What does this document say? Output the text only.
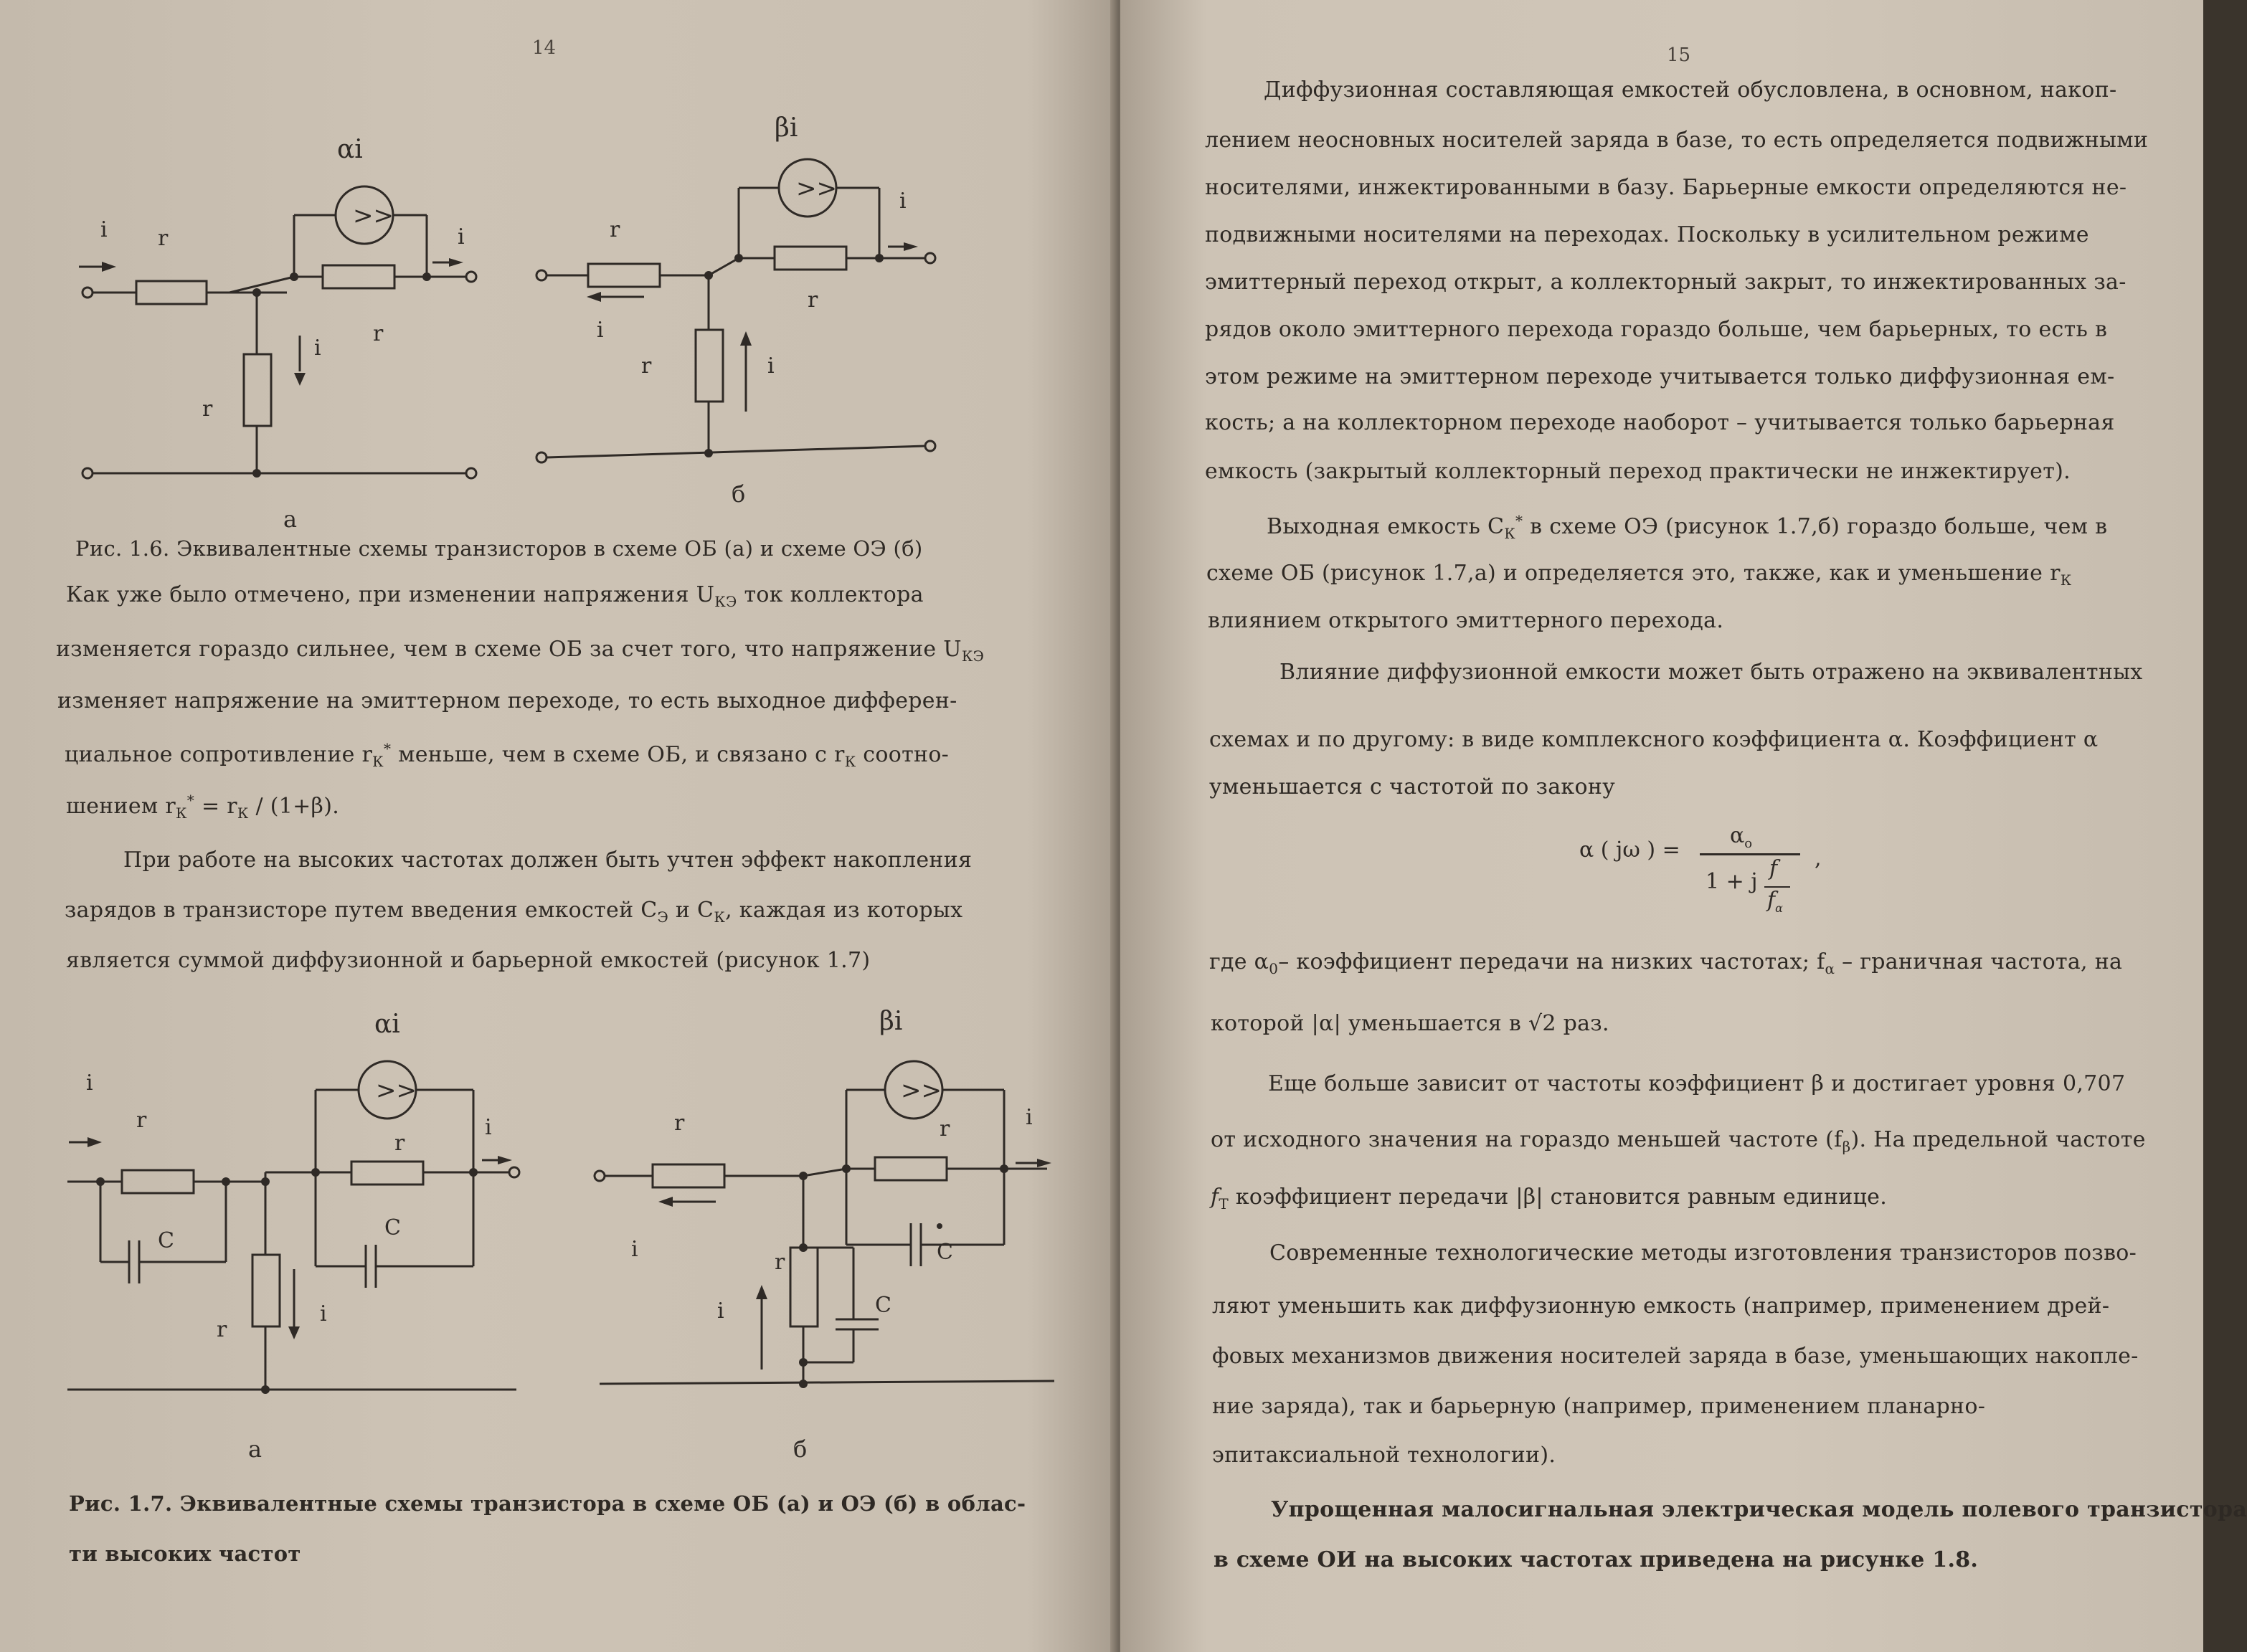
14
>>
αi
i r	i
r
i
r
>>
βi
r
i
i
r
r	i
a
б
Рис. 1.6. Эквивалентные схемы транзисторов в схеме ОБ (а) и схеме ОЭ (б)
Как уже было отмечено, при изменении напряжения $U_{КЭ}$ ток коллектора
изменяется гораздо сильнее, чем в схеме ОБ за счет того, что напряжение $U_{КЭ}$
изменяет напряжение на эмиттерном переходе, то есть выходное дифферен-
циальное сопротивление $r_К^*$ меньше, чем в схеме ОБ, и связано с $r_К$ соотно-
шением $r_К^* = r_К / (1+\beta)$.
При работе на высоких частотах должен быть учтен эффект накопления
зарядов в транзисторе путем введения емкостей $C_Э$ и $C_К$, каждая из которых
является суммой диффузионной и барьерной емкостей (рисунок 1.7)
>>
αi
i
r	i
r
C
C
r
i
>>
βi
r
i
i
r
C
r
C
i
а	б
Рис. 1.7. Эквивалентные схемы транзистора в схеме ОБ (а) и ОЭ (б) в облас-
ти высоких частот
15
Диффузионная составляющая емкостей обусловлена, в основном, накоп-
лением неосновных носителей заряда в базе, то есть определяется подвижными
носителями, инжектированными в базу. Барьерные емкости определяются не-
подвижными носителями на переходах. Поскольку в усилительном режиме
эмиттерный переход открыт, а коллекторный закрыт, то инжектированных за-
рядов около эмиттерного перехода гораздо больше, чем барьерных, то есть в
этом режиме на эмиттерном переходе учитывается только диффузионная ем-
кость; а на коллекторном переходе наоборот – учитывается только барьерная
емкость (закрытый коллекторный переход практически не инжектирует).
Выходная емкость $C_К^*$ в схеме ОЭ (рисунок 1.7,б) гораздо больше, чем в
схеме ОБ (рисунок 1.7,а) и определяется это, также, как и уменьшение $r_К$
влиянием открытого эмиттерного перехода.
Влияние диффузионной емкости может быть отражено на эквивалентных
схемах и по другому: в виде комплексного коэффициента α. Коэффициент α
уменьшается с частотой по закону
α ( jω ) =
$\alpha_о$
1 + j
f
$f_\alpha$
,
где $\alpha_0-$ коэффициент передачи на низких частотах; $f_\alpha$ – граничная частота, на
которой |α| уменьшается в √2 раз.
Еще больше зависит от частоты коэффициент β и достигает уровня 0,707
от исходного значения на гораздо меньшей частоте $(f_\beta)$. На предельной частоте
$f_Т$ коэффициент передачи |β| становится равным единице.
Современные технологические методы изготовления транзисторов позво-
ляют уменьшить как диффузионную емкость (например, применением дрей-
фовых механизмов движения носителей заряда в базе, уменьшающих накопле-
ние заряда), так и барьерную (например, применением планарно-
эпитаксиальной технологии).
Упрощенная малосигнальная электрическая модель полевого транзистора
в схеме ОИ на высоких частотах приведена на рисунке 1.8.
